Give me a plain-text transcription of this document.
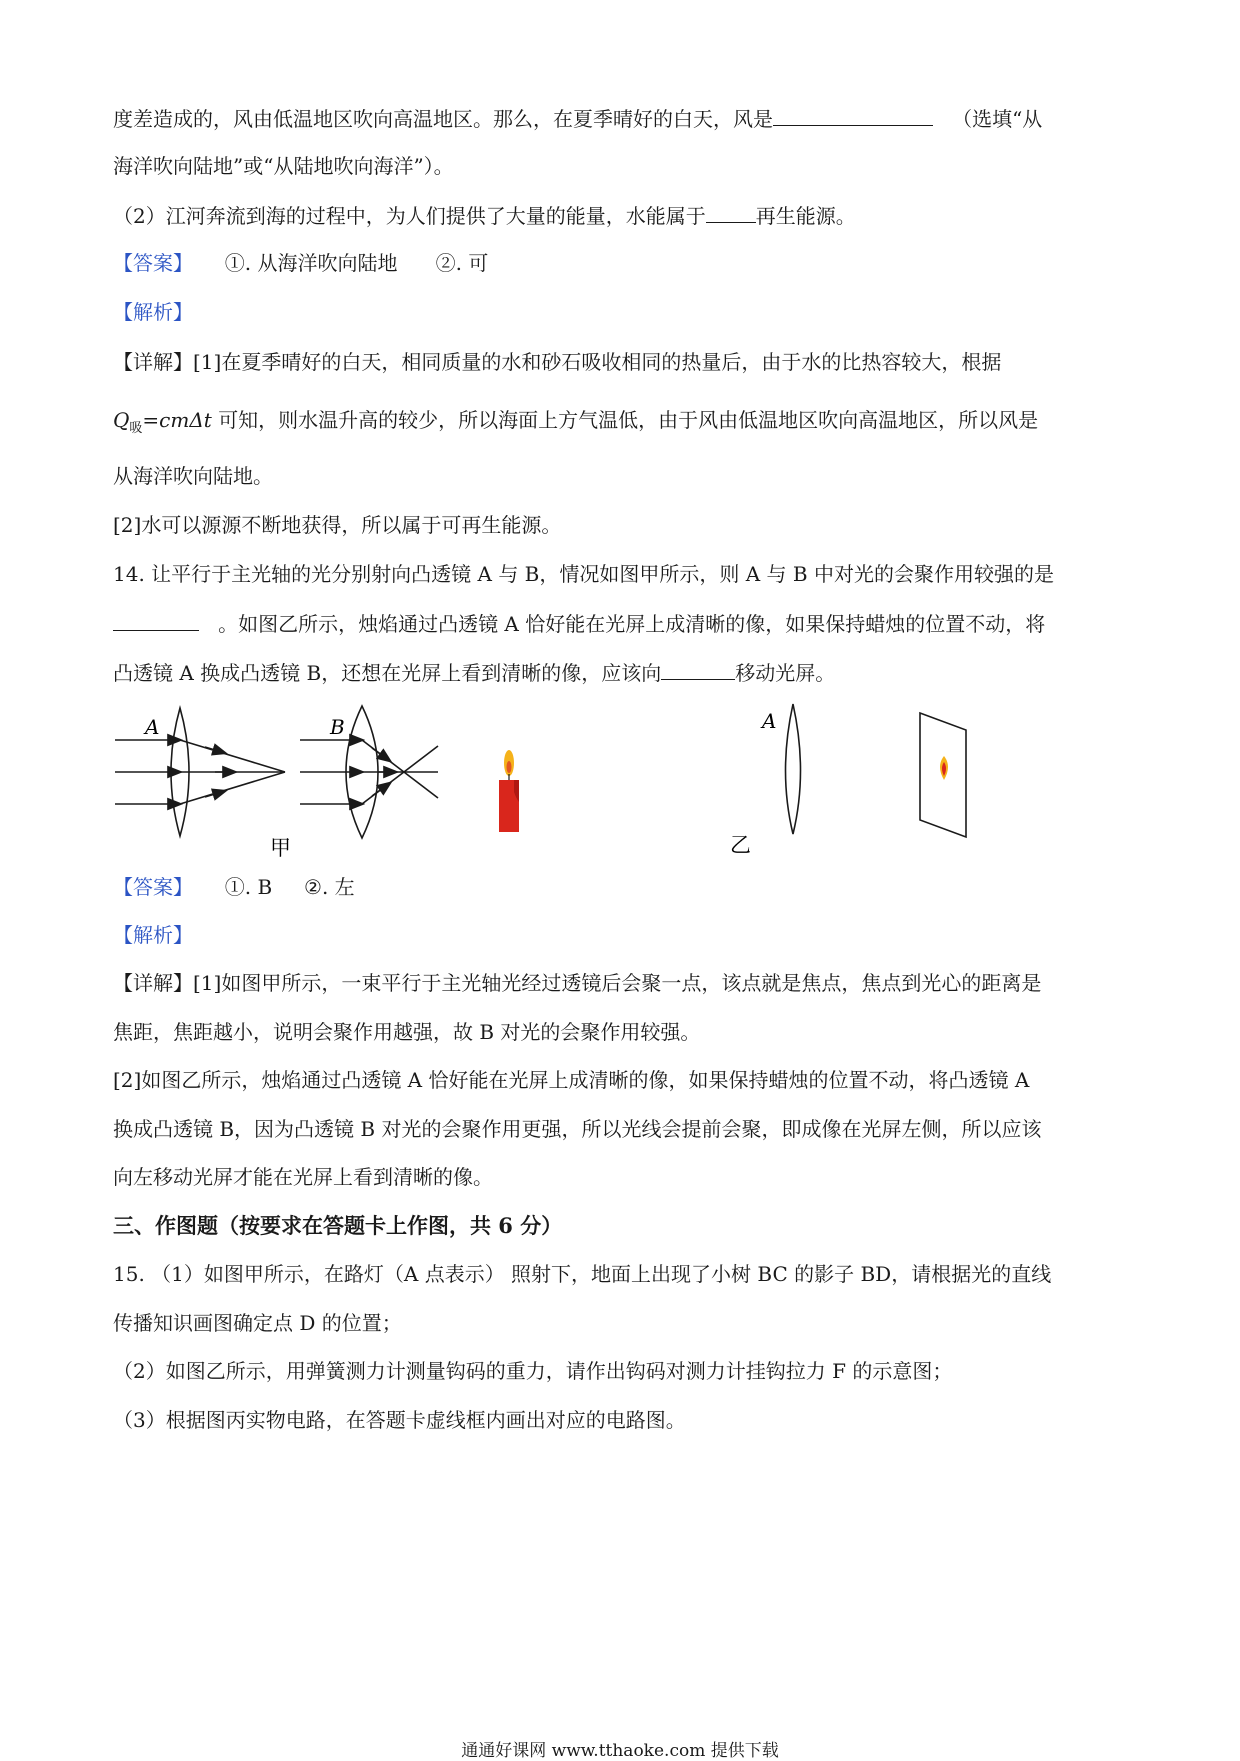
度差造成的，风由低温地区吹向高温地区。那么，在夏季晴好的白天，风是	（选填“从
海洋吹向陆地”或“从陆地吹向海洋”）。
（2）江河奔流到海的过程中，为人们提供了大量的能量，水能属于	再生能源。
【答案】 ①. 从海洋吹向陆地 ②. 可
【解析】
【详解】[1]在夏季晴好的白天，相同质量的水和砂石吸收相同的热量后，由于水的比热容较大，根据
$Q_吸=cm\Delta t$ 可知，则水温升高的较少，所以海面上方气温低，由于风由低温地区吹向高温地区，所以风是
从海洋吹向陆地。
[2]水可以源源不断地获得，所以属于可再生能源。
14. 让平行于主光轴的光分别射向凸透镜 A 与 B，情况如图甲所示，则 A 与 B 中对光的会聚作用较强的是
。如图乙所示，烛焰通过凸透镜 A 恰好能在光屏上成清晰的像，如果保持蜡烛的位置不动，将
凸透镜 A 换成凸透镜 B，还想在光屏上看到清晰的像，应该向	移动光屏。
A	B
甲
A
乙
【答案】 ①. B ②. 左
【解析】
【详解】[1]如图甲所示，一束平行于主光轴光经过透镜后会聚一点，该点就是焦点，焦点到光心的距离是
焦距，焦距越小，说明会聚作用越强，故 B 对光的会聚作用较强。
[2]如图乙所示，烛焰通过凸透镜 A 恰好能在光屏上成清晰的像，如果保持蜡烛的位置不动，将凸透镜 A
换成凸透镜 B，因为凸透镜 B 对光的会聚作用更强，所以光线会提前会聚，即成像在光屏左侧，所以应该
向左移动光屏才能在光屏上看到清晰的像。
三、作图题（按要求在答题卡上作图，共 6 分）
15. （1）如图甲所示，在路灯（A 点表示） 照射下，地面上出现了小树 BC 的影子 BD，请根据光的直线
传播知识画图确定点 D 的位置；
（2）如图乙所示，用弹簧测力计测量钩码的重力，请作出钩码对测力计挂钩拉力 F 的示意图；
（3）根据图丙实物电路，在答题卡虚线框内画出对应的电路图。
通通好课网 www.tthaoke.com 提供下载
